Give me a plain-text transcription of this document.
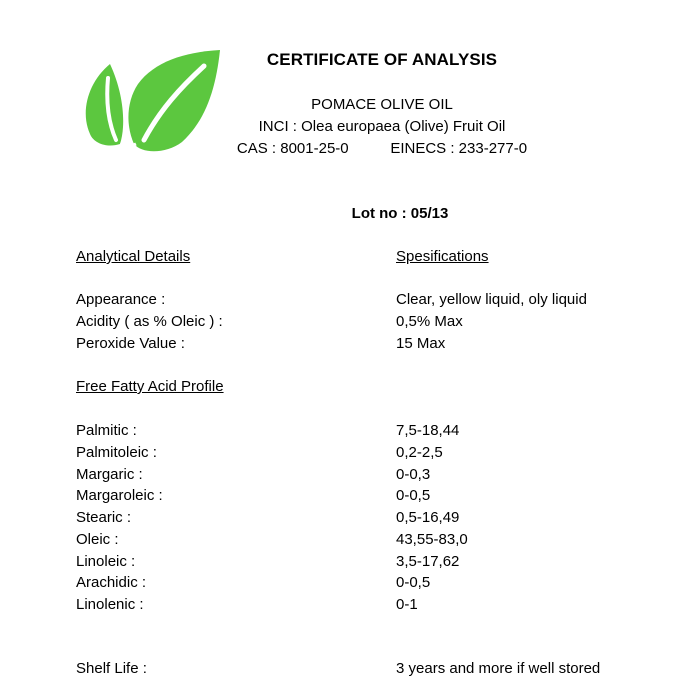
CERTIFICATE OF ANALYSIS
POMACE OLIVE OIL
INCI : Olea europaea (Olive) Fruit Oil
CAS : 8001-25-0	EINECS : 233-277-0
Lot no : 05/13
Analytical Details	Spesifications
Appearance :	Clear, yellow liquid, oly liquid
Acidity ( as % Oleic ) :	0,5% Max
Peroxide Value :	15 Max
Free Fatty Acid Profile
Palmitic :	7,5-18,44
Palmitoleic :	0,2-2,5
Margaric :	0-0,3
Margaroleic :	0-0,5
Stearic :	0,5-16,49
Oleic :	43,55-83,0
Linoleic :	3,5-17,62
Arachidic :	0-0,5
Linolenic :	0-1
Shelf Life :	3 years and more if well stored
